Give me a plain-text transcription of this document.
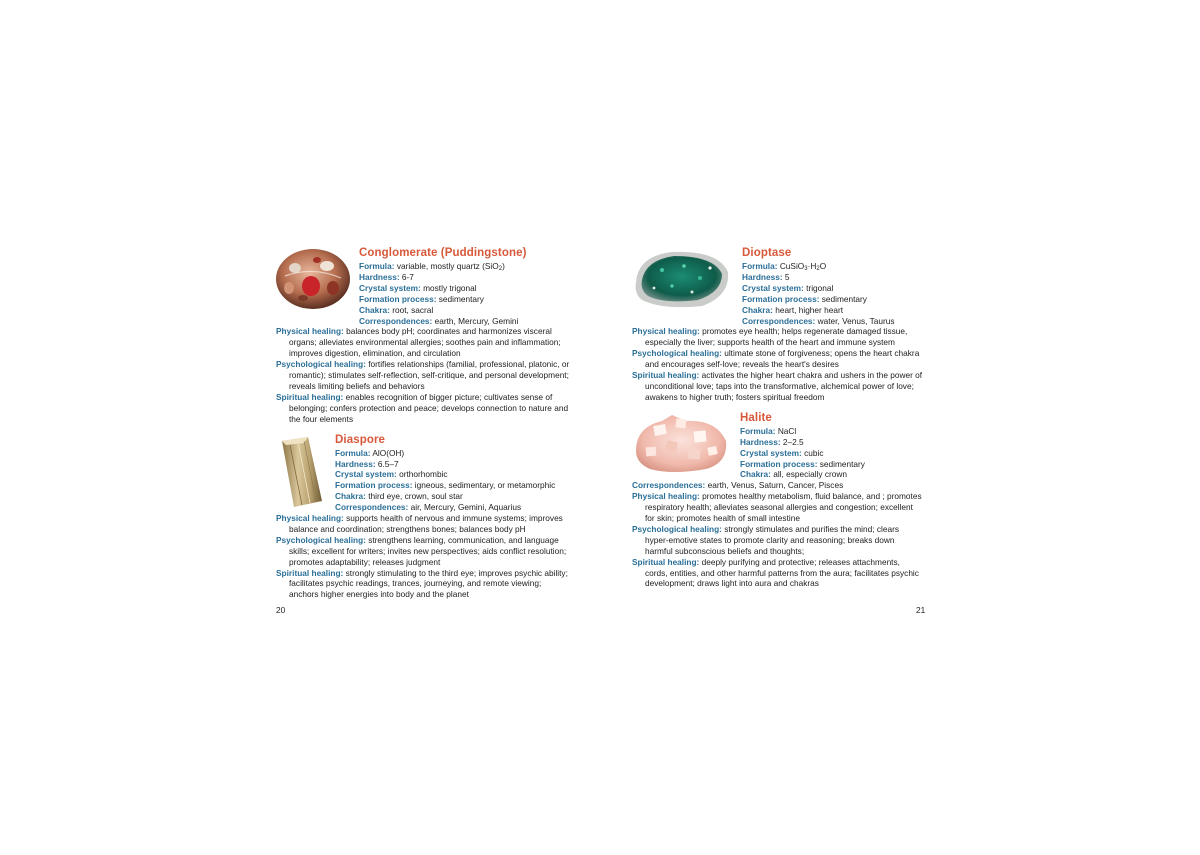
Conglomerate (Puddingstone)
Formula: variable, mostly quartz (SiO$_2$)
Hardness: 6-7
Crystal system: mostly trigonal
Formation process: sedimentary
Chakra: root, sacral
Correspondences: earth, Mercury, Gemini
Physical healing: balances body pH; coordinates and harmonizes visceral organs; alleviates environmental allergies; soothes pain and inflammation; improves digestion, elimination, and circulation
Psychological healing: fortifies relationships (familial, professional, platonic, or romantic); stimulates self-reflection, self-critique, and personal development; reveals limiting beliefs and behaviors
Spiritual healing: enables recognition of bigger picture; cultivates sense of belonging; confers protection and peace; develops connection to nature and the four elements
Diaspore
Formula: AlO(OH)
Hardness: 6.5–7
Crystal system: orthorhombic
Formation process: igneous, sedimentary, or metamorphic
Chakra: third eye, crown, soul star
Correspondences: air, Mercury, Gemini, Aquarius
Physical healing: supports health of nervous and immune systems; improves balance and coordination; strengthens bones; balances body pH
Psychological healing: strengthens learning, communication, and language skills; excellent for writers; invites new perspectives; aids conflict resolution; promotes adaptability; releases judgment
Spiritual healing: strongly stimulating to the third eye; improves psychic ability; facilitates psychic readings, trances, journeying, and remote viewing; anchors higher energies into body and the planet
20
Dioptase
Formula: $CuSiO_3\cdot H_2O$
Hardness: 5
Crystal system: trigonal
Formation process: sedimentary
Chakra: heart, higher heart
Correspondences: water, Venus, Taurus
Physical healing: promotes eye health; helps regenerate damaged tissue, especially the liver; supports health of the heart and immune system
Psychological healing: ultimate stone of forgiveness; opens the heart chakra and encourages self-love; reveals the heart's desires
Spiritual healing: activates the higher heart chakra and ushers in the power of unconditional love; taps into the transformative, alchemical power of love; awakens to higher truth; fosters spiritual freedom
Halite
Formula: NaCl
Hardness: 2–2.5
Crystal system: cubic
Formation process: sedimentary
Chakra: all, especially crown
Correspondences: earth, Venus, Saturn, Cancer, Pisces
Physical healing: promotes healthy metabolism, fluid balance, and ; promotes respiratory health; alleviates seasonal allergies and congestion; excellent for skin; promotes health of small intestine
Psychological healing: strongly stimulates and purifies the mind; clears hyper-emotive states to promote clarity and reasoning; breaks down harmful subconscious beliefs and thoughts;
Spiritual healing: deeply purifying and protective; releases attachments, cords, entities, and other harmful patterns from the aura; facilitates psychic development; draws light into aura and chakras
21
